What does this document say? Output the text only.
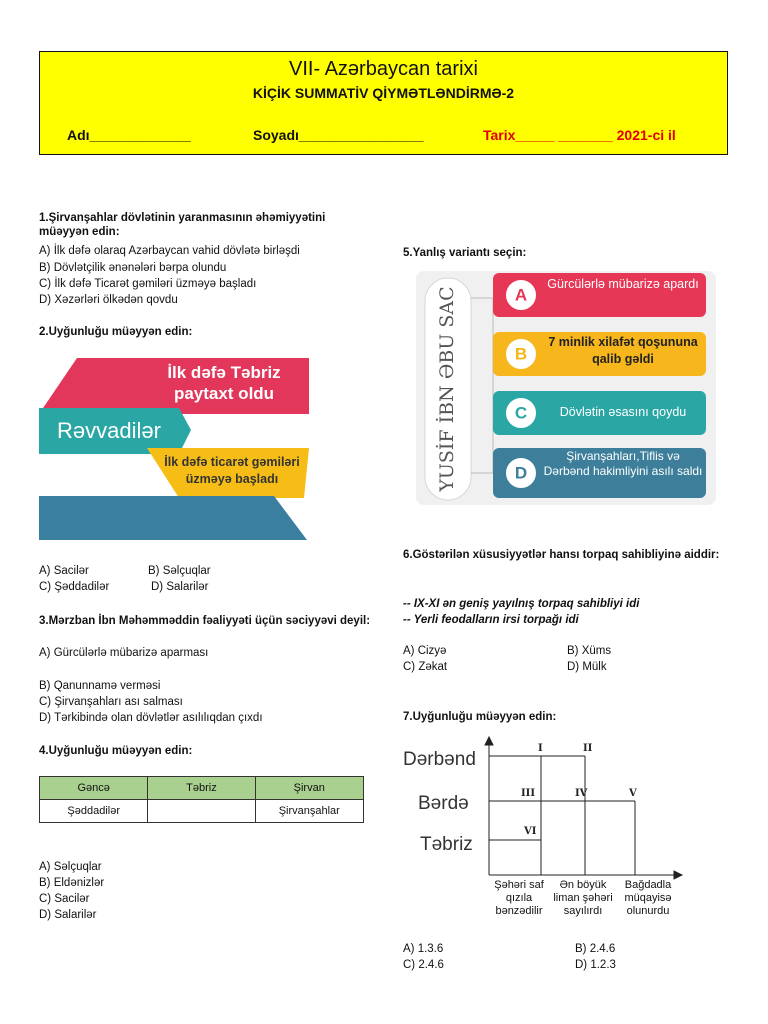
VII- Azərbaycan tarixi
KİÇİK SUMMATİV QİYMƏTLƏNDİRMƏ-2
Adı_____________	Soyadı________________	Tarix_____ _______ 2021-ci il
1.Şirvanşahlar dövlətinin yaranmasının əhəmiyyətini müəyyən edin:
A) İlk dəfə olaraq Azərbaycan vahid dövlətə birləşdi
B) Dövlətçilik ənənələri bərpa olundu
C) İlk dəfə Ticarət gəmiləri üzməyə başladı
D) Xəzərləri ölkədən qovdu
2.Uyğunluğu müəyyən edin:
İlk dəfə Təbriz paytaxt oldu
Rəvvadilər
İlk dəfə ticarət gəmiləri üzməyə başladı
A) Sacilər	B) Səlçuqlar
C) Şəddadilər	D) Salarilər
3.Mərzban İbn Məhəmməddin fəaliyyəti üçün səciyyəvi deyil:
A) Gürcülərlə mübarizə aparması
B) Qanunnamə verməsi
C) Şirvanşahları ası salması
D) Tərkibində olan dövlətlər asılılıqdan çıxdı
4.Uyğunluğu müəyyən edin:
Gəncə	Təbriz	Şirvan
Şəddadilər		Şirvanşahlar
A) Səlçuqlar
B) Eldənizlər
C) Sacilər
D) Salarilər
5.Yanlış variantı seçin:
YUSİF İBN ƏBU SAC	A
Gürcülərlə mübarizə apardı
B
7 minlik xilafət qoşununa qalib gəldi
C	Dövlətin əsasını qoydu
D
Şirvanşahları,Tiflis və Dərbənd hakimliyini asılı saldı
6.Göstərilən xüsusiyyətlər hansı torpaq sahibliyinə aiddir:
-- IX-XI ən geniş yayılnış torpaq sahibliyi idi
-- Yerli feodalların irsi torpağı idi
A) Cizyə	B) Xüms
C) Zəkat	D) Mülk
7.Uyğunluğu müəyyən edin:
Dərbənd
Bərdə
Təbriz
I	II
III	IV	V
VI
Şəhəri saf qızıla bənzədilir
Ən böyük liman şəhəri sayılırdı
Bağdadla müqayisə olunurdu
A) 1.3.6	B) 2.4.6
C) 2.4.6	D) 1.2.3
